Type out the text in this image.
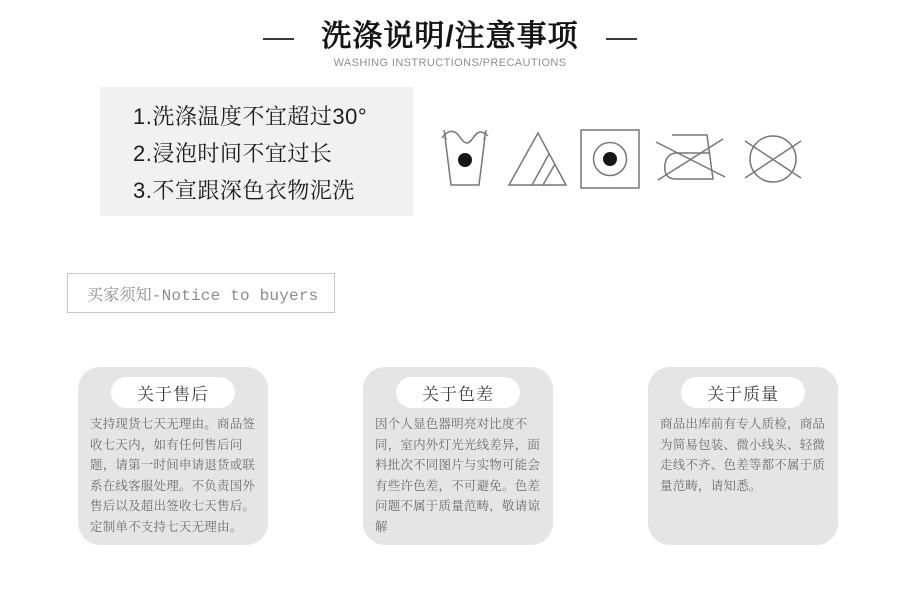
洗涤说明/注意事项
WASHING INSTRUCTIONS/PRECAUTIONS

1.洗涤温度不宜超过30°

2.浸泡时间不宜过长

3.不宣跟深色衣物泥洗

买家须知-Notice to buyers
关于售后

支持现货七天无理由。商品签收七天内，如有任何售后问题，请第一时间申请退货或联系在线客服处理。不负责国外售后以及超出签收七天售后。定制单不支持七天无理由。

关于色差

因个人显色器明亮对比度不同，室内外灯光光线差异，面料批次不同图片与实物可能会有些许色差，不可避免。色差问题不属于质量范畴，敬请谅解

关于质量

商品出库前有专人质检，商品为简易包装、微小线头、轻微走线不齐、色差等都不属于质量范畴，请知悉。
